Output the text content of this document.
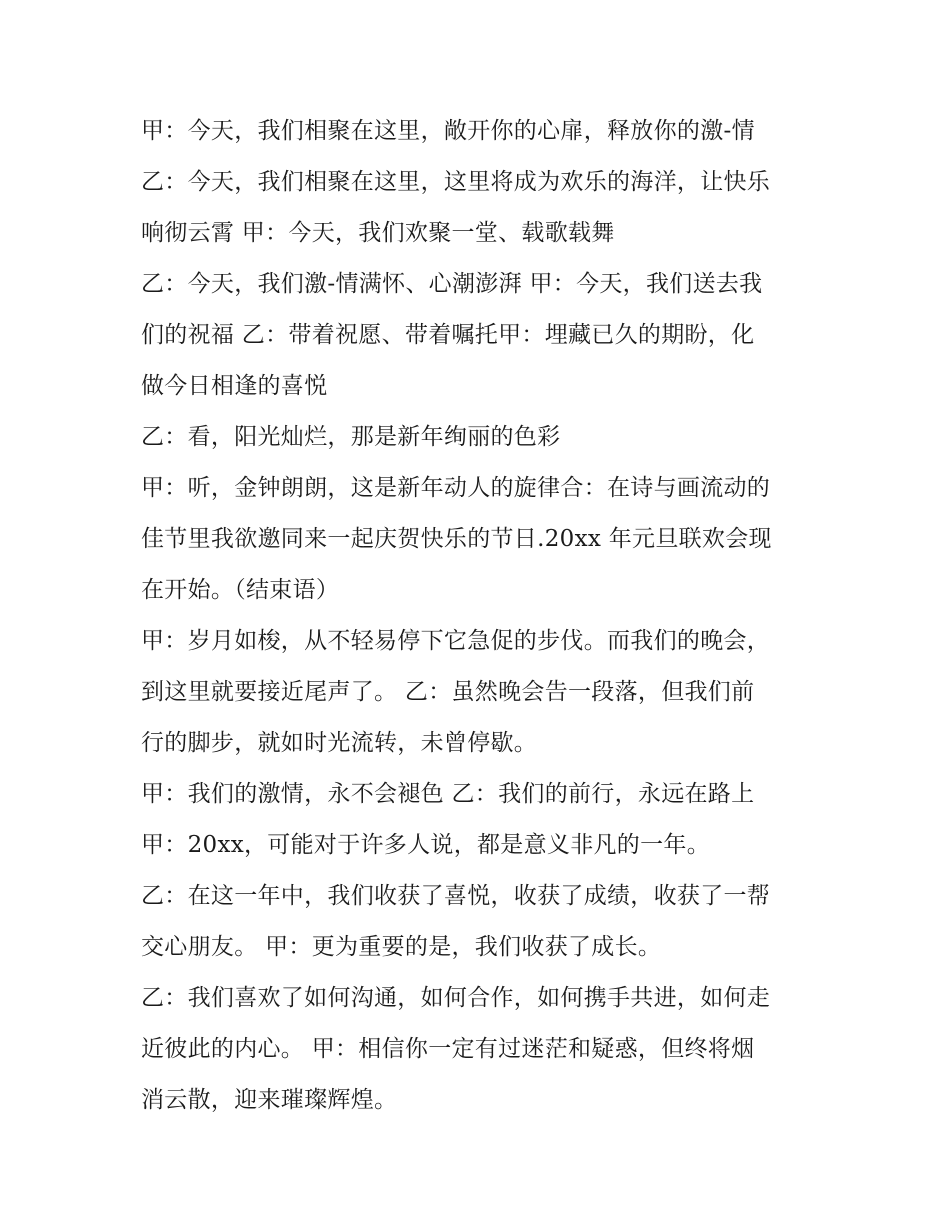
甲：今天，我们相聚在这里，敞开你的心扉，释放你的激-情
乙：今天，我们相聚在这里，这里将成为欢乐的海洋，让快乐
响彻云霄 甲：今天，我们欢聚一堂、载歌载舞
乙：今天，我们激-情满怀、心潮澎湃 甲：今天，我们送去我
们的祝福 乙：带着祝愿、带着嘱托甲：埋藏已久的期盼，化
做今日相逢的喜悦
乙：看，阳光灿烂，那是新年绚丽的色彩
甲：听，金钟朗朗，这是新年动人的旋律合：在诗与画流动的
佳节里我欲邀同来一起庆贺快乐的节日.20xx 年元旦联欢会现
在开始。（结束语）
甲：岁月如梭，从不轻易停下它急促的步伐。而我们的晚会，
到这里就要接近尾声了。 乙：虽然晚会告一段落，但我们前
行的脚步，就如时光流转，未曾停歇。
甲：我们的激情，永不会褪色 乙：我们的前行，永远在路上
甲：20xx，可能对于许多人说，都是意义非凡的一年。
乙：在这一年中，我们收获了喜悦，收获了成绩，收获了一帮
交心朋友。 甲：更为重要的是，我们收获了成长。
乙：我们喜欢了如何沟通，如何合作，如何携手共进，如何走
近彼此的内心。 甲：相信你一定有过迷茫和疑惑，但终将烟
消云散，迎来璀璨辉煌。
